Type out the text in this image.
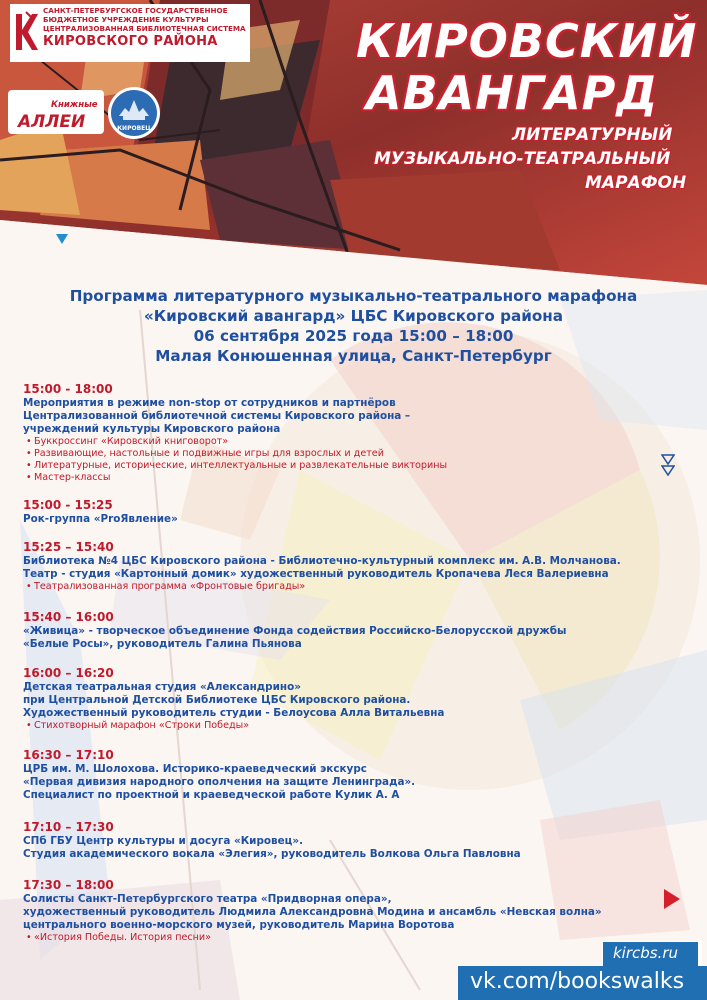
САНКТ-ПЕТЕРБУРГСКОЕ ГОСУДАРСТВЕННОЕ
БЮДЖЕТНОЕ УЧРЕЖДЕНИЕ КУЛЬТУРЫ
ЦЕНТРАЛИЗОВАННАЯ БИБЛИОТЕЧНАЯ СИСТЕМА
КИРОВСКОГО РАЙОНА
Книжные
АЛЛЕИ	КИРОВЕЦ
КИРОВСКИЙ
АВАНГАРД
ЛИТЕРАТУРНЫЙ
МУЗЫКАЛЬНО-ТЕАТРАЛЬНЫЙ
МАРАФОН
Программа литературного музыкально-театрального марафона
«Кировский авангард» ЦБС Кировского района
06 сентября 2025 года 15:00 – 18:00
Малая Конюшенная улица, Санкт-Петербург
15:00 - 18:00
Мероприятия в режиме non-stop от сотрудников и партнёров
Централизованной библиотечной системы Кировского района –
учреждений культуры Кировского района
• Буккроссинг «Кировский книговорот»
• Развивающие, настольные и подвижные игры для взрослых и детей
• Литературные, исторические, интеллектуальные и развлекательные викторины
• Мастер-классы
15:00 - 15:25
Рок-группа «ProЯвление»
15:25 – 15:40
Библиотека №4 ЦБС Кировского района - Библиотечно-культурный комплекс им. А.В. Молчанова.
Театр - студия «Картонный домик» художественный руководитель Кропачева Леся Валериевна
• Театрализованная программа «Фронтовые бригады»
15:40 – 16:00
«Живица» - творческое объединение Фонда содействия Российско-Белорусской дружбы
«Белые Росы», руководитель Галина Пьянова
16:00 – 16:20
Детская театральная студия «Александрино»
при Центральной Детской Библиотеке ЦБС Кировского района.
Художественный руководитель студии - Белоусова Алла Витальевна
• Стихотворный марафон «Строки Победы»
16:30 – 17:10
ЦРБ им. М. Шолохова. Историко-краеведческий экскурс
«Первая дивизия народного ополчения на защите Ленинграда».
Специалист по проектной и краеведческой работе Кулик А. А
17:10 – 17:30
СПб ГБУ Центр культуры и досуга «Кировец».
Студия академического вокала «Элегия», руководитель Волкова Ольга Павловна
17:30 – 18:00
Солисты Санкт-Петербургского театра «Придворная опера»,
художественный руководитель Людмила Александровна Модина и ансамбль «Невская волна»
центрального военно-морского музей, руководитель Марина Воротова
• «История Победы. История песни»
kircbs.ru
vk.com/bookswalks
